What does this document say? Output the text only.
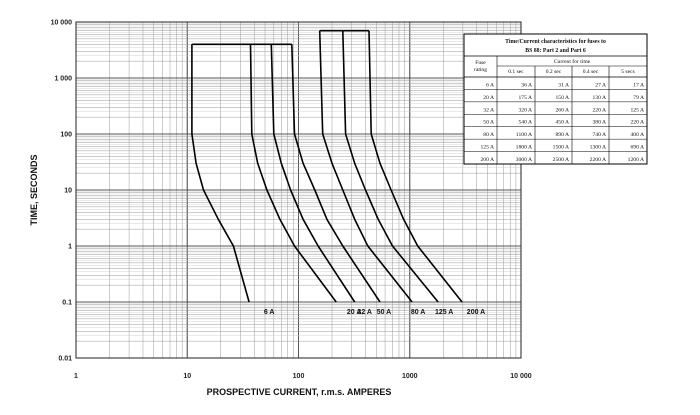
10 000
1 000
100
10
1
0.1
0.01
1	10	100	1000	10 000
6 A	20 A
32 A 50 A	80 A 125 A 200 A
Time/Current characteristics for fuses to
BS 88: Part 2 and Part 6
Current for time
Fuse
rating	0.1 sec	0.2 sec	0.4 sec	5 secs
6 A	36 A	31 A	27 A	17 A
20 A	175 A	150 A	130 A	79 A
32 A	320 A	260 A	220 A	125 A
50 A	540 A	450 A	380 A	220 A
80 A	1100 A	890 A	740 A	400 A
125 A	1800 A	1500 A	1300 A	690 A
200 A	3000 A	2500 A	2200 A	1200 A
PROSPECTIVE CURRENT, r.m.s. AMPERES
TIME, SECONDS
